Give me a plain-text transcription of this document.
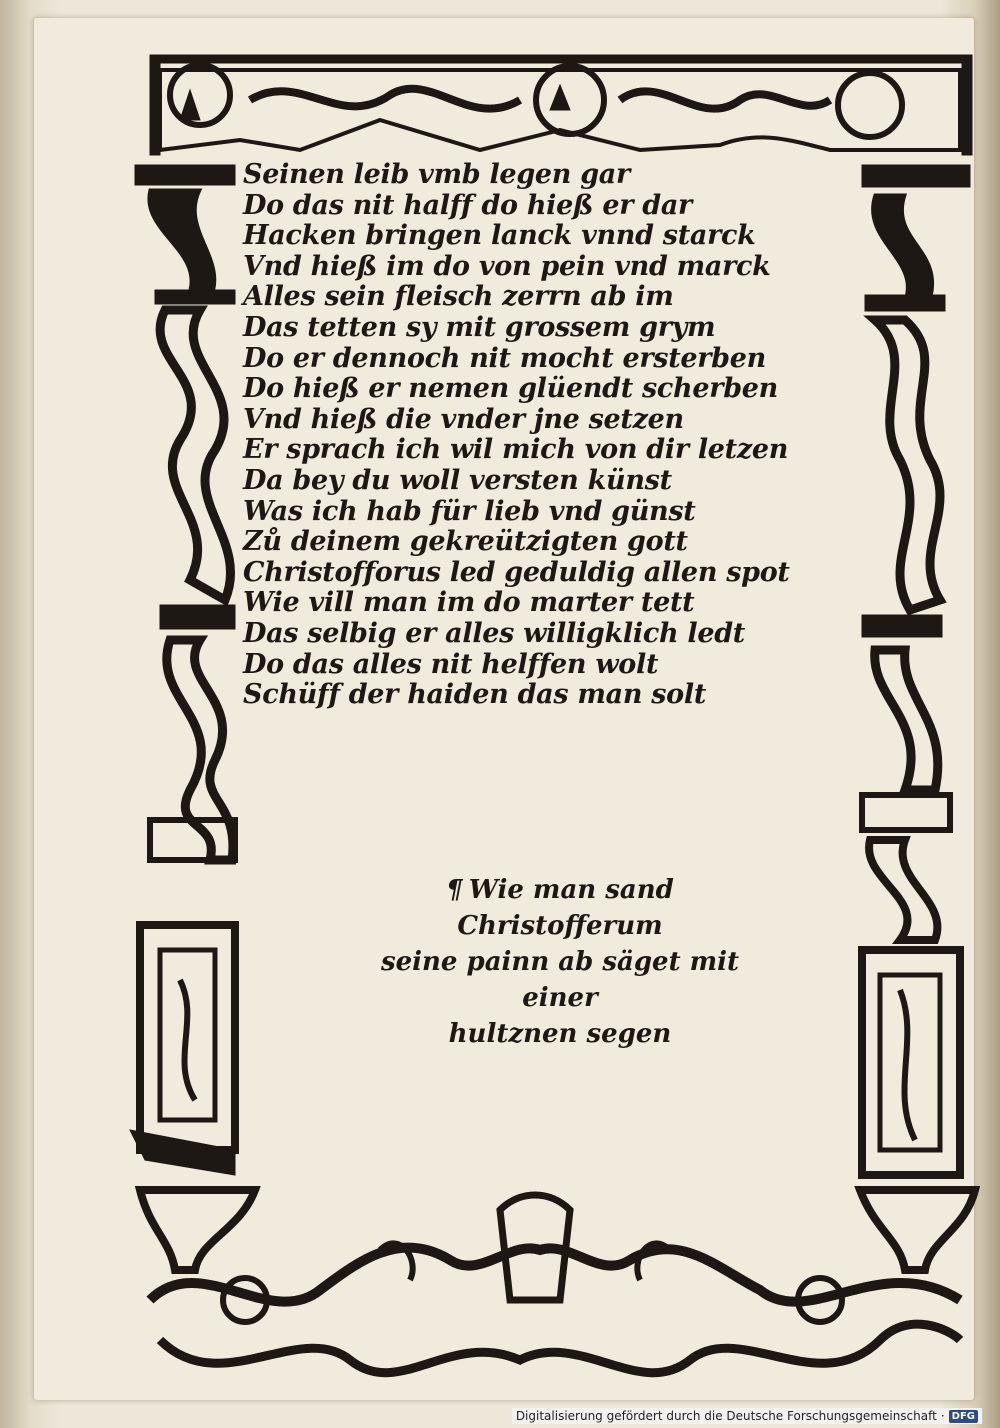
Seinen leib vmb legen gar
Do das nit halff do hieß er dar
Hacken bringen lanck vnnd starck
Vnd hieß im do von pein vnd marck
Alles sein fleisch zerrn ab im
Das tetten sy mit grossem grym
Do er dennoch nit mocht ersterben
Do hieß er nemen glüendt scherben
Vnd hieß die vnder jne setzen
Er sprach ich wil mich von dir letzen
Da bey du woll versten künst
Was ich hab für lieb vnd günst
Zů deinem gekreützigten gott
Christofforus led geduldig allen spot
Wie vill man im do marter tett
Das selbig er alles willigklich ledt
Do das alles nit helffen wolt
Schüff der haiden das man solt
¶ Wie man sand Christofferum
seine painn ab säget mit einer
hultznen segen
Digitalisierung gefördert durch die Deutsche Forschungsgemeinschaft · DFG
